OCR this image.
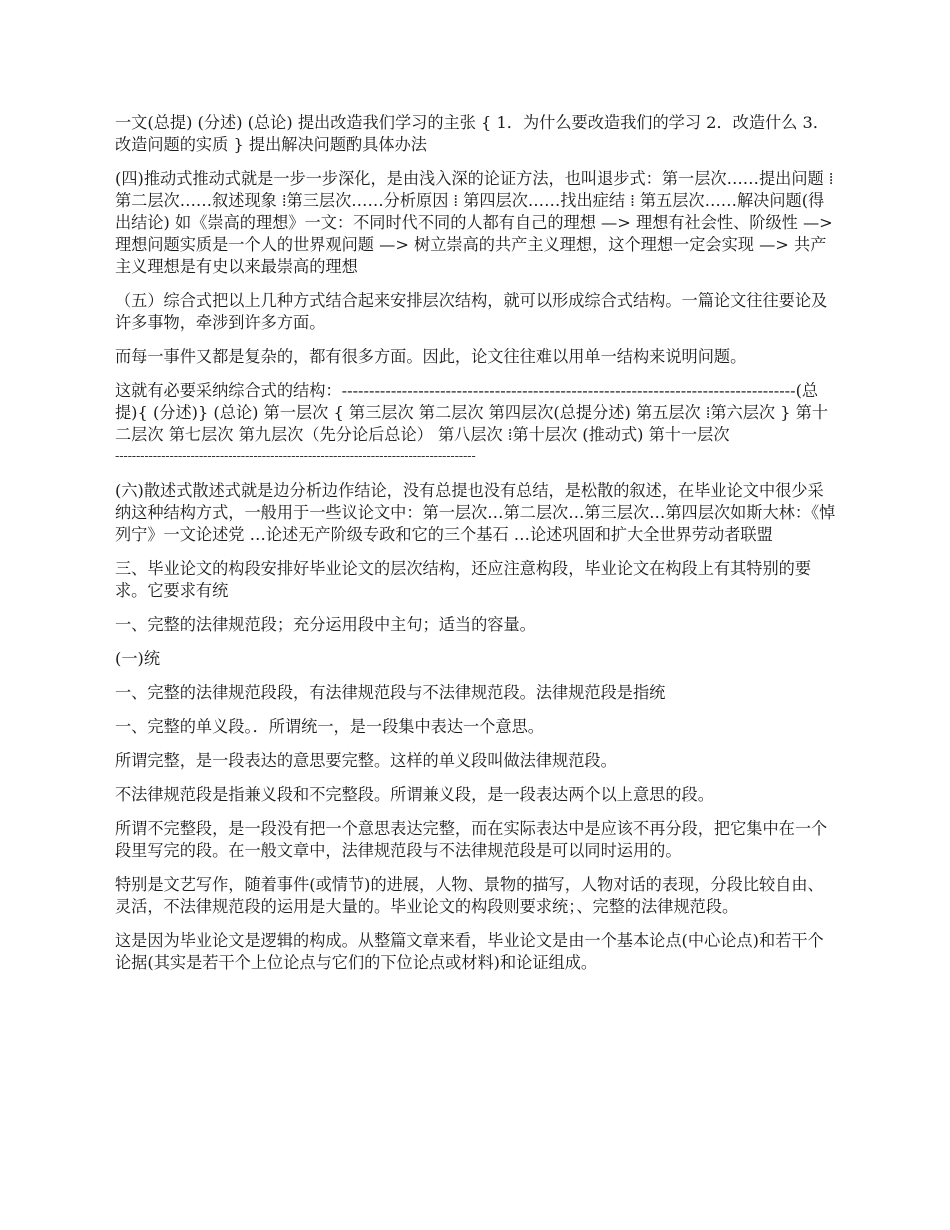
一文(总提) (分述) (总论) 提出改造我们学习的主张 { 1．为什么要改造我们的学习 2．改造什么 3．改造问题的实质 } 提出解决问题酌具体办法

(四)推动式推动式就是一步一步深化，是由浅入深的论证方法，也叫退步式：第一层次……提出问题 ⁞第二层次……叙述现象 ⁞第三层次……分析原因 ⁞ 第四层次……找出症结 ⁞ 第五层次……解决问题(得出结论) 如《崇高的理想》一文：不同时代不同的人都有自己的理想 —> 理想有社会性、阶级性 —> 理想问题实质是一个人的世界观问题 —> 树立崇高的共产主义理想，这个理想一定会实现 —> 共产主义理想是有史以来最崇高的理想

（五）综合式把以上几种方式结合起来安排层次结构，就可以形成综合式结构。一篇论文往往要论及许多事物，牵涉到许多方面。

而每一事件又都是复杂的，都有很多方面。因此，论文往往难以用单一结构来说明问题。

这就有必要采纳综合式的结构：-----------------------------------------------------------------------------------(总提){ (分述)} (总论) 第一层次 { 第三层次 第二层次 第四层次(总提分述) 第五层次 ⁞第六层次 } 第十二层次 第七层次 第九层次（先分论后总论） 第八层次 ⁞第十层次 (推动式) 第十一层次

--------------------------------------------------------------------------------------

(六)散述式散述式就是边分析边作结论，没有总提也没有总结，是松散的叙述，在毕业论文中很少采纳这种结构方式，一般用于一些议论文中：第一层次…第二层次…第三层次…第四层次如斯大林：《悼列宁》一文论述党 …论述无产阶级专政和它的三个基石 …论述巩固和扩大全世界劳动者联盟

三、毕业论文的构段安排好毕业论文的层次结构，还应注意构段，毕业论文在构段上有其特别的要求。它要求有统

一、完整的法律规范段；充分运用段中主句；适当的容量。

(一)统

一、完整的法律规范段段，有法律规范段与不法律规范段。法律规范段是指统

一、完整的单义段。．所谓统一，是一段集中表达一个意思。

所谓完整，是一段表达的意思要完整。这样的单义段叫做法律规范段。

不法律规范段是指兼义段和不完整段。所谓兼义段，是一段表达两个以上意思的段。

所谓不完整段，是一段没有把一个意思表达完整，而在实际表达中是应该不再分段，把它集中在一个段里写完的段。在一般文章中，法律规范段与不法律规范段是可以同时运用的。

特别是文艺写作，随着事件(或情节)的进展，人物、景物的描写，人物对话的表现，分段比较自由、灵活，不法律规范段的运用是大量的。毕业论文的构段则要求统；、完整的法律规范段。

这是因为毕业论文是逻辑的构成。从整篇文章来看，毕业论文是由一个基本论点(中心论点)和若干个论据(其实是若干个上位论点与它们的下位论点或材料)和论证组成。
